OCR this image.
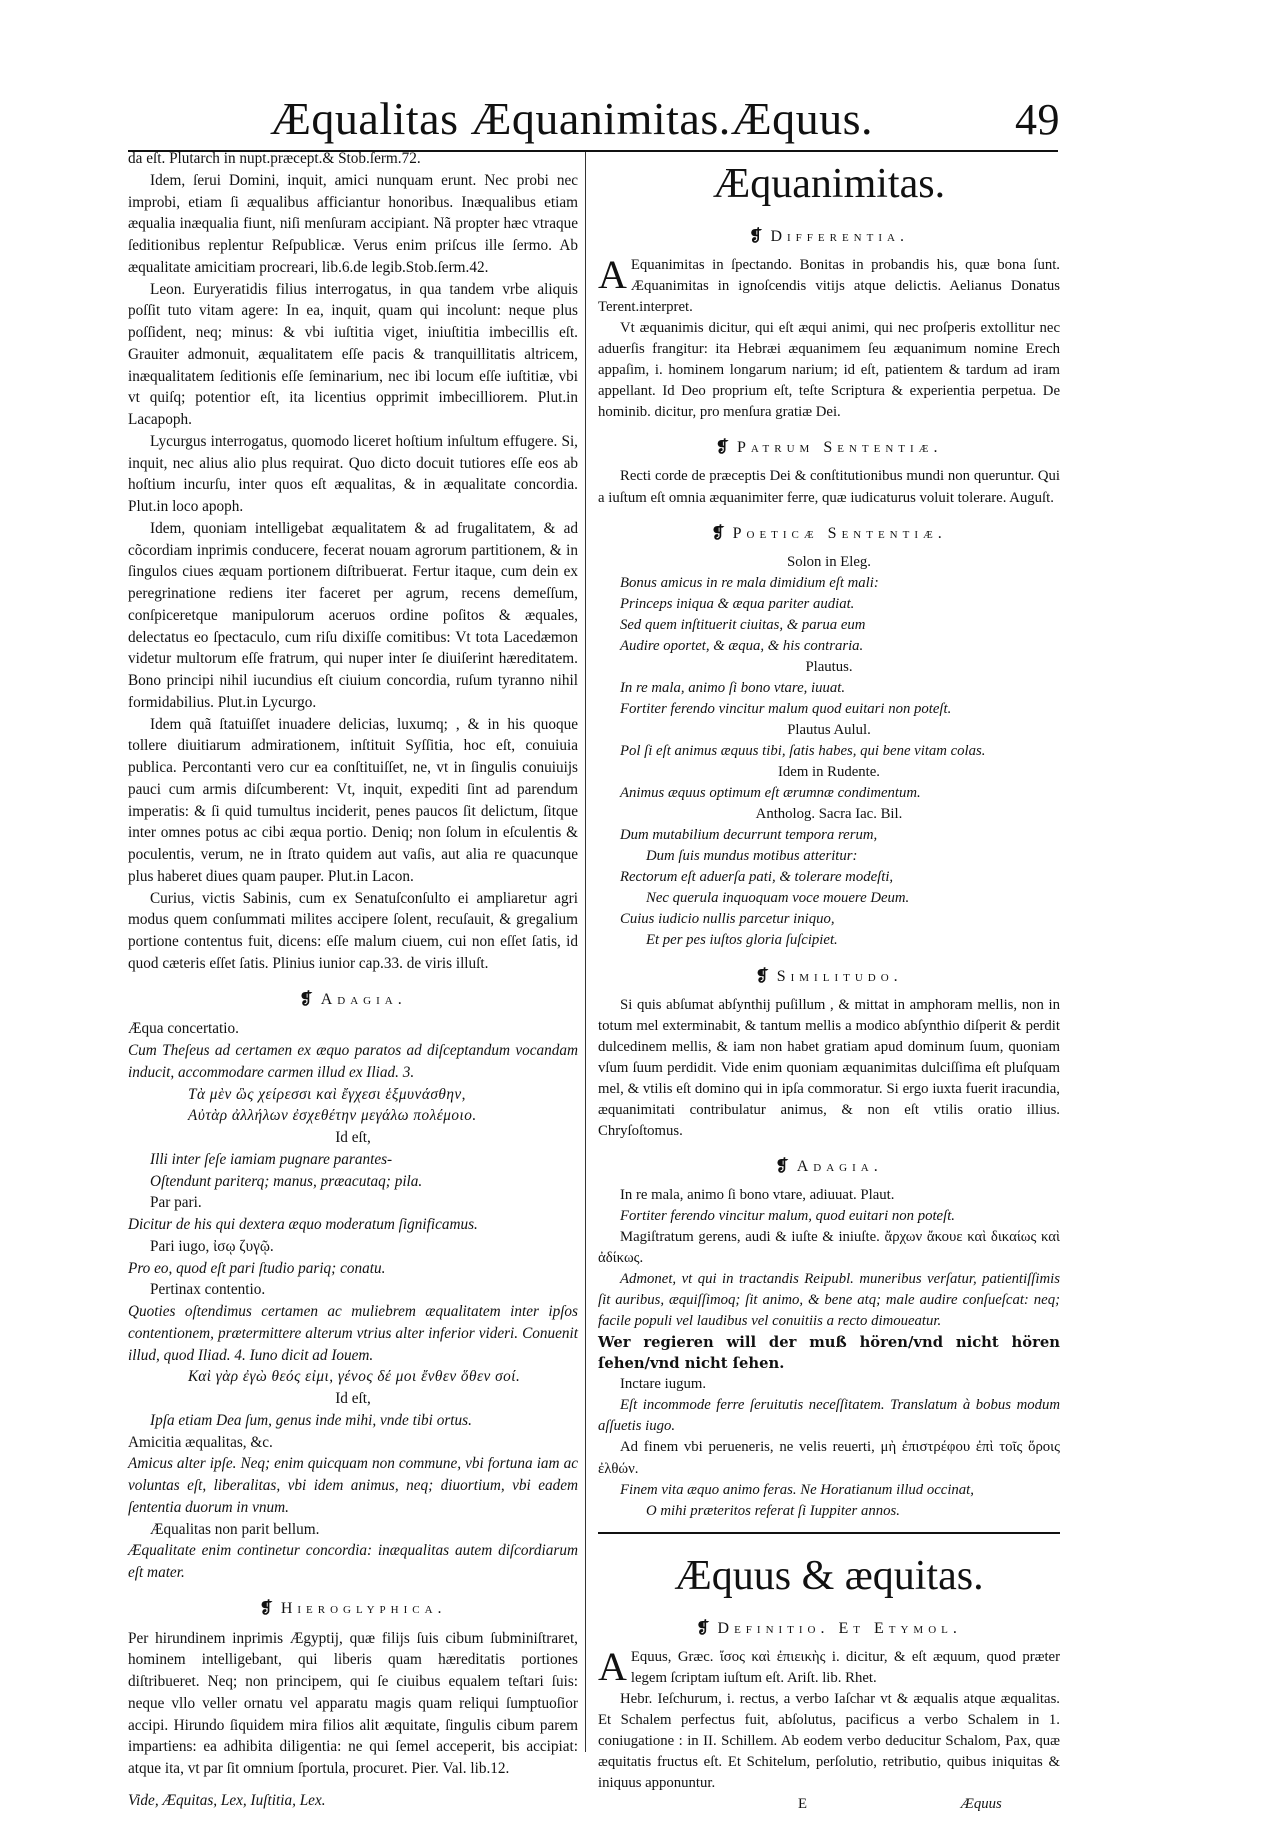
Æqualitas Æquanimitas.Æquus.	49

da eſt. Plutarch in nupt.præcept.& Stob.ſerm.72.

Idem, ſerui Domini, inquit, amici nunquam erunt. Nec probi nec improbi, etiam ſi æqualibus afficiantur honoribus. Inæqualibus etiam æqualia inæqualia fiunt, niſi menſuram accipiant. Nã propter hæc vtraque ſeditionibus replentur Reſpublicæ. Verus enim priſcus ille ſermo. Ab æqualitate amicitiam procreari, lib.6.de legib.Stob.ſerm.42.

Leon. Euryeratidis filius interrogatus, in qua tandem vrbe aliquis poſſit tuto vitam agere: In ea, inquit, quam qui incolunt: neque plus poſſident, neq; minus: & vbi iuſtitia viget, iniuſtitia imbecillis eſt. Grauiter admonuit, æqualitatem eſſe pacis & tranquillitatis altricem, inæqualitatem ſeditionis eſſe ſeminarium, nec ibi locum eſſe iuſtitiæ, vbi vt quiſq; potentior eſt, ita licentius opprimit imbecilliorem. Plut.in Lacapoph.

Lycurgus interrogatus, quomodo liceret hoſtium inſultum effugere. Si, inquit, nec alius alio plus requirat. Quo dicto docuit tutiores eſſe eos ab hoſtium incurſu, inter quos eſt æqualitas, & in æqualitate concordia. Plut.in loco apoph.

Idem, quoniam intelligebat æqualitatem & ad frugalitatem, & ad cõcordiam inprimis conducere, fecerat nouam agrorum partitionem, & in ſingulos ciues æquam portionem diſtribuerat. Fertur itaque, cum dein ex peregrinatione rediens iter faceret per agrum, recens demeſſum, conſpiceretque manipulorum aceruos ordine poſitos & æquales, delectatus eo ſpectaculo, cum riſu dixiſſe comitibus: Vt tota Lacedæmon videtur multorum eſſe fratrum, qui nuper inter ſe diuiſerint hæreditatem. Bono principi nihil iucundius eſt ciuium concordia, ruſum tyranno nihil formidabilius. Plut.in Lycurgo.

Idem quã ſtatuiſſet inuadere delicias, luxumq; , & in his quoque tollere diuitiarum admirationem, inſtituit Syſſitia, hoc eſt, conuiuia publica. Percontanti vero cur ea conſtituiſſet, ne, vt in ſingulis conuiuijs pauci cum armis diſcumberent: Vt, inquit, expediti ſint ad parendum imperatis: & ſi quid tumultus inciderit, penes paucos ſit delictum, ſitque inter omnes potus ac cibi æqua portio. Deniq; non ſolum in eſculentis & poculentis, verum, ne in ſtrato quidem aut vaſis, aut alia re quacunque plus haberet diues quam pauper. Plut.in Lacon.

Curius, victis Sabinis, cum ex Senatuſconſulto ei ampliaretur agri modus quem conſummati milites accipere ſolent, recuſauit, & gregalium portione contentus fuit, dicens: eſſe malum ciuem, cui non eſſet ſatis, id quod cæteris eſſet ſatis. Plinius iunior cap.33. de viris illuſt.

❡ Adagia.

Æqua concertatio.

Cum Theſeus ad certamen ex æquo paratos ad diſceptandum vocandam inducit, accommodare carmen illud ex Iliad. 3.

Τὰ μὲν ὣς χείρεσσι καὶ ἔγχεσι ἑξμυνάσθην,

Αὐτὰρ ἀλλήλων ἐσχεθέτην μεγάλω πολέμοιο.

Id eſt,

Illi inter ſeſe iamiam pugnare parantes-

Oſtendunt pariterq; manus, præacutaq; pila.

Par pari.

Dicitur de his qui dextera æquo moderatum ſignificamus.

Pari iugo, ἰσῳ ζυγῷ.

Pro eo, quod eſt pari ſtudio pariq; conatu.

Pertinax contentio.

Quoties oſtendimus certamen ac muliebrem æqualitatem inter ipſos contentionem, prætermittere alterum vtrius alter inferior videri. Conuenit illud, quod Iliad. 4. Iuno dicit ad Iouem.

Καὶ γὰρ ἐγὼ θεός εἰμι, γένος δέ μοι ἔνθεν ὅθεν σοί.

Id eſt,

Ipſa etiam Dea ſum, genus inde mihi, vnde tibi ortus.

Amicitia æqualitas, &c.

Amicus alter ipſe. Neq; enim quicquam non commune, vbi fortuna iam ac voluntas eſt, liberalitas, vbi idem animus, neq; diuortium, vbi eadem ſententia duorum in vnum.

Æqualitas non parit bellum.

Æqualitate enim continetur concordia: inæqualitas autem diſcordiarum eſt mater.

❡ Hieroglyphica.

Per hirundinem inprimis Ægyptij, quæ filijs ſuis cibum ſubminiſtraret, hominem intelligebant, qui liberis quam hæreditatis portiones diſtribueret. Neq; non principem, qui ſe ciuibus equalem teſtari ſuis: neque vllo veller ornatu vel apparatu magis quam reliqui ſumptuoſior accipi. Hirundo ſiquidem mira filios alit æquitate, ſingulis cibum parem impartiens: ea adhibita diligentia: ne qui ſemel acceperit, bis accipiat: atque ita, vt par ſit omnium ſportula, procuret. Pier. Val. lib.12.

Vide, Æquitas, Lex, Iuſtitia, Lex.

Æquanimitas.
❡ Differentia.

A Equanimitas in ſpectando. Bonitas in probandis his, quæ bona ſunt. Æquanimitas in ignoſcendis vitijs atque delictis. Aelianus Donatus Terent.interpret.

Vt æquanimis dicitur, qui eſt æqui animi, qui nec proſperis extollitur nec aduerſis frangitur: ita Hebræi æquanimem ſeu æquanimum nomine Erech appaſim, i. hominem longarum narium; id eſt, patientem & tardum ad iram appellant. Id Deo proprium eſt, teſte Scriptura & experientia perpetua. De hominib. dicitur, pro menſura gratiæ Dei.

❡ Patrum Sententiæ.

Recti corde de præceptis Dei & conſtitutionibus mundi non queruntur. Qui a iuſtum eſt omnia æquanimiter ferre, quæ iudicaturus voluit tolerare. Auguſt.

❡ Poeticæ Sententiæ.

Solon in Eleg.

Bonus amicus in re mala dimidium eſt mali:

Princeps iniqua & æqua pariter audiat.

Sed quem inſtituerit ciuitas, & parua eum

Audire oportet, & æqua, & his contraria.

Plautus.

In re mala, animo ſi bono vtare, iuuat.

Fortiter ferendo vincitur malum quod euitari non poteſt.

Plautus Aulul.

Pol ſi eſt animus æquus tibi, ſatis habes, qui bene vitam colas.

Idem in Rudente.

Animus æquus optimum eſt ærumnæ condimentum.

Antholog. Sacra Iac. Bil.

Dum mutabilium decurrunt tempora rerum,

Dum ſuis mundus motibus atteritur:

Rectorum eſt aduerſa pati, & tolerare modeſti,

Nec querula inquoquam voce mouere Deum.

Cuius iudicio nullis parcetur iniquo,

Et per pes iuſtos gloria ſuſcipiet.

❡ Similitudo.

Si quis abſumat abſynthij puſillum , & mittat in amphoram mellis, non in totum mel exterminabit, & tantum mellis a modico abſynthio diſperit & perdit dulcedinem mellis, & iam non habet gratiam apud dominum ſuum, quoniam vſum ſuum perdidit. Vide enim quoniam æquanimitas dulciſſima eſt pluſquam mel, & vtilis eſt domino qui in ipſa commoratur. Si ergo iuxta fuerit iracundia, æquanimitati contribulatur animus, & non eſt vtilis oratio illius. Chryſoſtomus.

❡ Adagia.

In re mala, animo ſi bono vtare, adiuuat. Plaut.

Fortiter ferendo vincitur malum, quod euitari non poteſt.

Magiſtratum gerens, audi & iuſte & iniuſte. ἄρχων ἄκουε καὶ δικαίως καὶ ἀδίκως.

Admonet, vt qui in tractandis Reipubl. muneribus verſatur, patientiſſimis ſit auribus, æquiſſimoq; ſit animo, & bene atq; male audire conſueſcat: neq; facile populi vel laudibus vel conuitiis a recto dimoueatur.

Wer regieren will der muß hören/vnd nicht hören ſehen/vnd nicht ſehen.

Inctare iugum.

Eſt incommode ferre ſeruitutis neceſſitatem. Translatum à bobus modum aſſuetis iugo.

Ad finem vbi perueneris, ne velis reuerti, μὴ ἐπιστρέφου ἐπὶ τοῖς ὅροις ἐλθών.

Finem vita æquo animo feras. Ne Horatianum illud occinat,

O mihi præteritos referat ſi Iuppiter annos.

Æquus & æquitas.
❡ Definitio. Et Etymol.

A Equus, Græc. ἴσος καὶ ἐπιεικὴς i. dicitur, & eſt æquum, quod præter legem ſcriptam iuſtum eſt. Ariſt. lib. Rhet.

Hebr. Ieſchurum, i. rectus, a verbo Iaſchar vt & æqualis atque æqualitas. Et Schalem perfectus fuit, abſolutus, pacificus a verbo Schalem in 1. coniugatione : in II. Schillem. Ab eodem verbo deducitur Schalom, Pax, quæ æquitatis fructus eſt. Et Schitelum, perſolutio, retributio, quibus iniquitas & iniquus apponuntur.

E	Æquus
